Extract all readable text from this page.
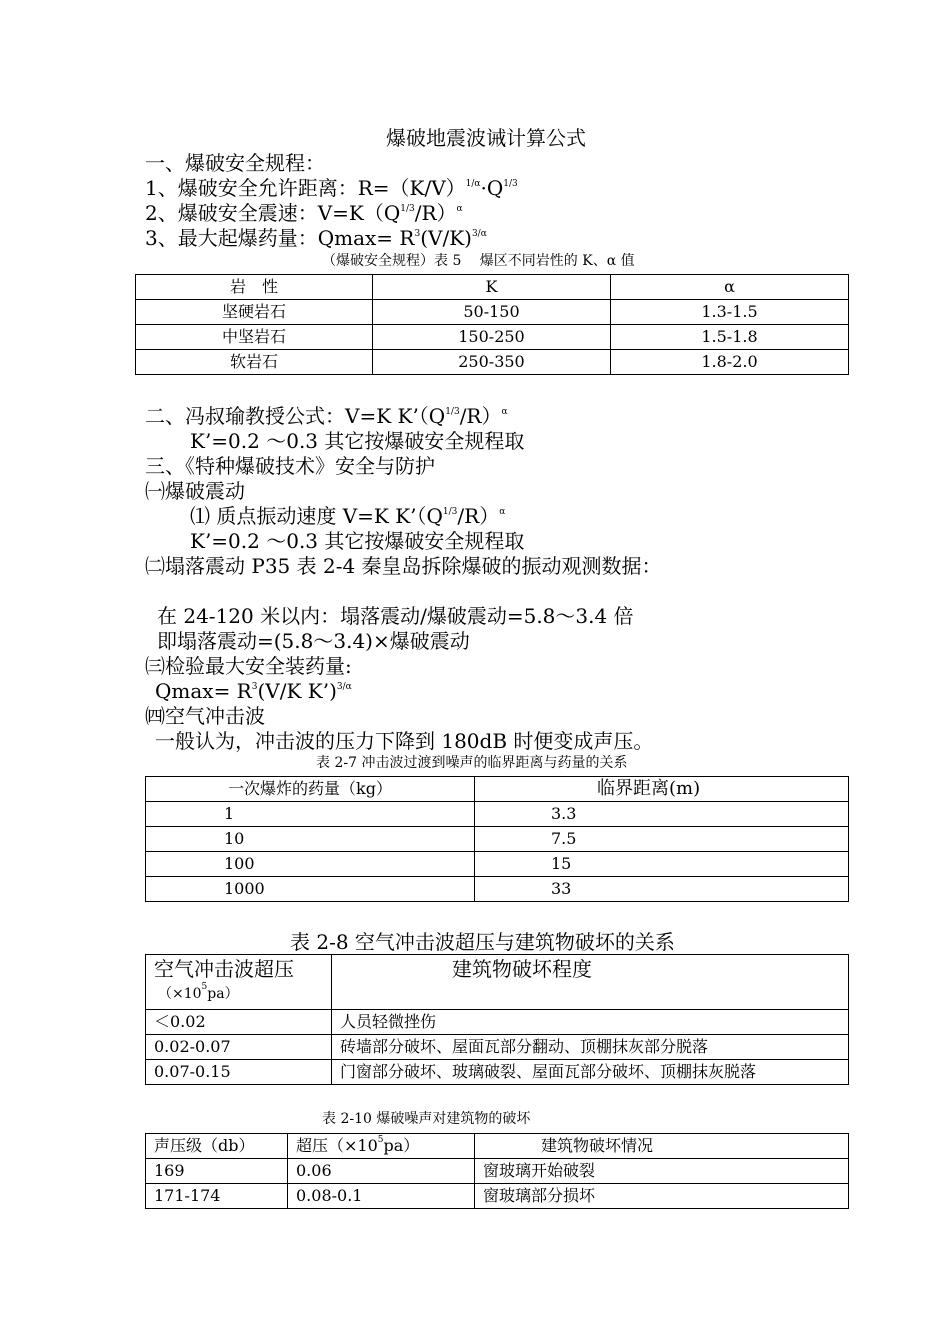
爆破地震波诫计算公式
一、爆破安全规程：
1、爆破安全允许距离：$R=(K/V)^{1/\alpha}\cdot Q^{1/3}$
2、爆破安全震速：$V=K(Q^{1/3}/R)^\alpha$
3、最大起爆药量：$Qmax= R^3(V/K)^{3/\alpha}$
（爆破安全规程）表 5　 爆区不同岩性的 K、α 值
岩　性	K	α
坚硬岩石	50-150	1.3-1.5
中坚岩石	150-250	1.5-1.8
软岩石	250-350	1.8-2.0
二、冯叔瑜教授公式：V=K $K’(Q^{1/3}/R)^\alpha$
K’=0.2 ～0.3 其它按爆破安全规程取
三、《特种爆破技术》安全与防护
㈠爆破震动
⑴ 质点振动速度 V=K $K’(Q^{1/3}/R)^\alpha$
K’=0.2 ～0.3 其它按爆破安全规程取
㈡塌落震动 P35 表 2-4 秦皇岛拆除爆破的振动观测数据：
在 24-120 米以内：塌落震动/爆破震动=5.8～3.4 倍
即塌落震动=(5.8～3.4)×爆破震动
㈢检验最大安全装药量:
$Qmax= R^3(V/K$ K’)$^{3/\alpha}$
㈣空气冲击波
一般认为，冲击波的压力下降到 180dB 时便变成声压。
表 2-7 冲击波过渡到噪声的临界距离与药量的关系
一次爆炸的药量（kg）	临界距离(m)
1	3.3
10	7.5
100	15
1000	33
表 2-8 空气冲击波超压与建筑物破坏的关系
空气冲击波超压
$(\times 10^5pa)$	建筑物破坏程度
＜0.02	人员轻微挫伤
0.02-0.07	砖墙部分破坏、屋面瓦部分翻动、顶棚抹灰部分脱落
0.07-0.15	门窗部分破坏、玻璃破裂、屋面瓦部分破坏、顶棚抹灰脱落
表 2-10 爆破噪声对建筑物的破坏
声压级（db）	超压$(\times 10^5pa)$	建筑物破坏情况
169	0.06	窗玻璃开始破裂
171-174	0.08-0.1	窗玻璃部分损坏
